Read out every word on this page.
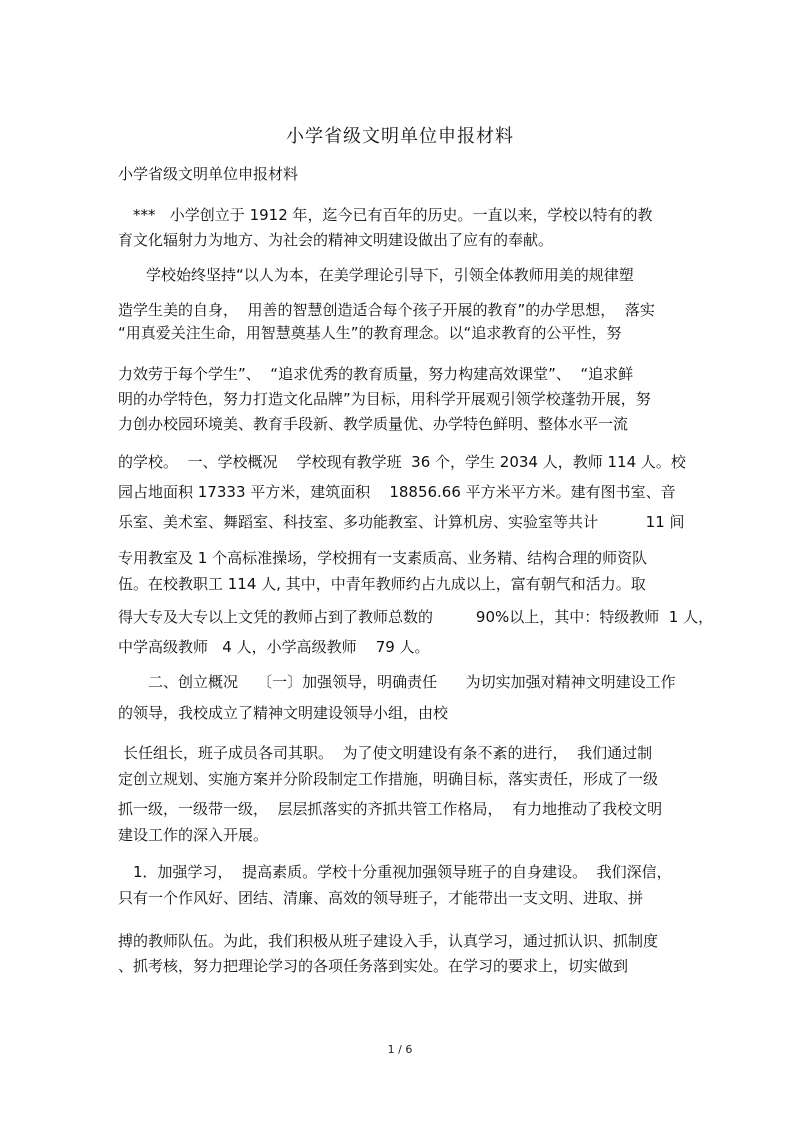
小学省级文明单位申报材料
小学省级文明单位申报材料
***   小学创立于 1912 年，迄今已有百年的历史。一直以来，学校以特有的教
育文化辐射力为地方、为社会的精神文明建设做出了应有的奉献。
学校始终坚持“以人为本，在美学理论引导下，引领全体教师用美的规律塑
造学生美的自身，  用善的智慧创造适合每个孩子开展的教育”的办学思想，  落实
“用真爱关注生命，用智慧奠基人生”的教育理念。以“追求教育的公平性，努
力效劳于每个学生”、  “追求优秀的教育质量，努力构建高效课堂”、  “追求鲜
明的办学特色，努力打造文化品牌”为目标，用科学开展观引领学校蓬勃开展，努
力创办校园环境美、教育手段新、教学质量优、办学特色鲜明、整体水平一流
的学校。  一、学校概况    学校现有教学班  36 个，学生 2034 人，教师 114 人。校
园占地面积 17333 平方米，建筑面积    18856.66 平方米平方米。建有图书室、音
乐室、美术室、舞蹈室、科技室、多功能教室、计算机房、实验室等共计          11 间
专用教室及 1 个高标准操场，学校拥有一支素质高、业务精、结构合理的师资队
伍。在校教职工 114 人, 其中，中青年教师约占九成以上，富有朝气和活力。取
得大专及大专以上文凭的教师占到了教师总数的         90%以上，其中：特级教师  1 人，
中学高级教师   4 人，小学高级教师    79 人。
二、创立概况    〔一〕加强领导，明确责任      为切实加强对精神文明建设工作
的领导，我校成立了精神文明建设领导小组，由校
长任组长，班子成员各司其职。  为了使文明建设有条不紊的进行，  我们通过制
定创立规划、实施方案并分阶段制定工作措施，明确目标，落实责任，形成了一级
抓一级，一级带一级，  层层抓落实的齐抓共管工作格局，  有力地推动了我校文明
建设工作的深入开展。
1．加强学习，  提高素质。学校十分重视加强领导班子的自身建设。  我们深信，
只有一个作风好、团结、清廉、高效的领导班子，才能带出一支文明、进取、拼
搏的教师队伍。为此，我们积极从班子建设入手，认真学习，通过抓认识、抓制度
、抓考核，努力把理论学习的各项任务落到实处。在学习的要求上，切实做到
1 / 6
